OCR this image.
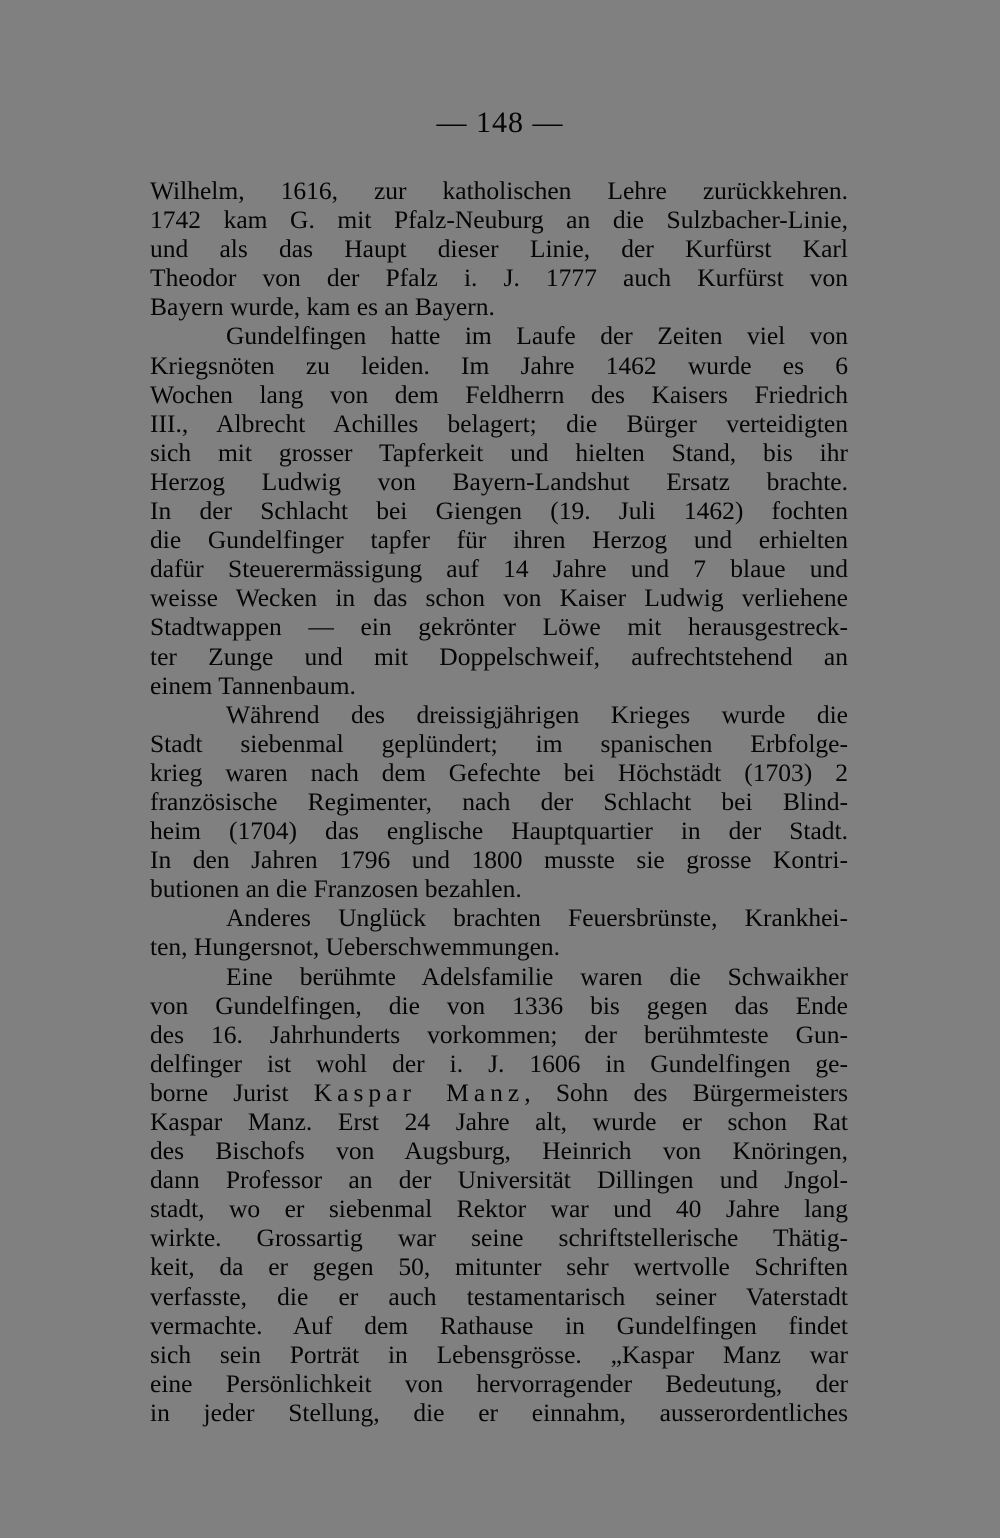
— 148 —
Wilhelm, 1616, zur katholischen Lehre zurückkehren.
1742 kam G. mit Pfalz-Neuburg an die Sulzbacher-Linie,
und als das Haupt dieser Linie, der Kurfürst Karl
Theodor von der Pfalz i. J. 1777 auch Kurfürst von
Bayern wurde, kam es an Bayern.
Gundelfingen hatte im Laufe der Zeiten viel von
Kriegsnöten zu leiden. Im Jahre 1462 wurde es 6
Wochen lang von dem Feldherrn des Kaisers Friedrich
III., Albrecht Achilles belagert; die Bürger verteidigten
sich mit grosser Tapferkeit und hielten Stand, bis ihr
Herzog Ludwig von Bayern-Landshut Ersatz brachte.
In der Schlacht bei Giengen (19. Juli 1462) fochten
die Gundelfinger tapfer für ihren Herzog und erhielten
dafür Steuerermässigung auf 14 Jahre und 7 blaue und
weisse Wecken in das schon von Kaiser Ludwig verliehene
Stadtwappen — ein gekrönter Löwe mit herausgestreck-
ter Zunge und mit Doppelschweif, aufrechtstehend an
einem Tannenbaum.
Während des dreissigjährigen Krieges wurde die
Stadt siebenmal geplündert; im spanischen Erbfolge-
krieg waren nach dem Gefechte bei Höchstädt (1703) 2
französische Regimenter, nach der Schlacht bei Blind-
heim (1704) das englische Hauptquartier in der Stadt.
In den Jahren 1796 und 1800 musste sie grosse Kontri-
butionen an die Franzosen bezahlen.
Anderes Unglück brachten Feuersbrünste, Krankhei-
ten, Hungersnot, Ueberschwemmungen.
Eine berühmte Adelsfamilie waren die Schwaikher
von Gundelfingen, die von 1336 bis gegen das Ende
des 16. Jahrhunderts vorkommen; der berühmteste Gun-
delfinger ist wohl der i. J. 1606 in Gundelfingen ge-
borne Jurist Kaspar Manz, Sohn des Bürgermeisters
Kaspar Manz. Erst 24 Jahre alt, wurde er schon Rat
des Bischofs von Augsburg, Heinrich von Knöringen,
dann Professor an der Universität Dillingen und Jngol-
stadt, wo er siebenmal Rektor war und 40 Jahre lang
wirkte. Grossartig war seine schriftstellerische Thätig-
keit, da er gegen 50, mitunter sehr wertvolle Schriften
verfasste, die er auch testamentarisch seiner Vaterstadt
vermachte. Auf dem Rathause in Gundelfingen findet
sich sein Porträt in Lebensgrösse. „Kaspar Manz war
eine Persönlichkeit von hervorragender Bedeutung, der
in jeder Stellung, die er einnahm, ausserordentliches
